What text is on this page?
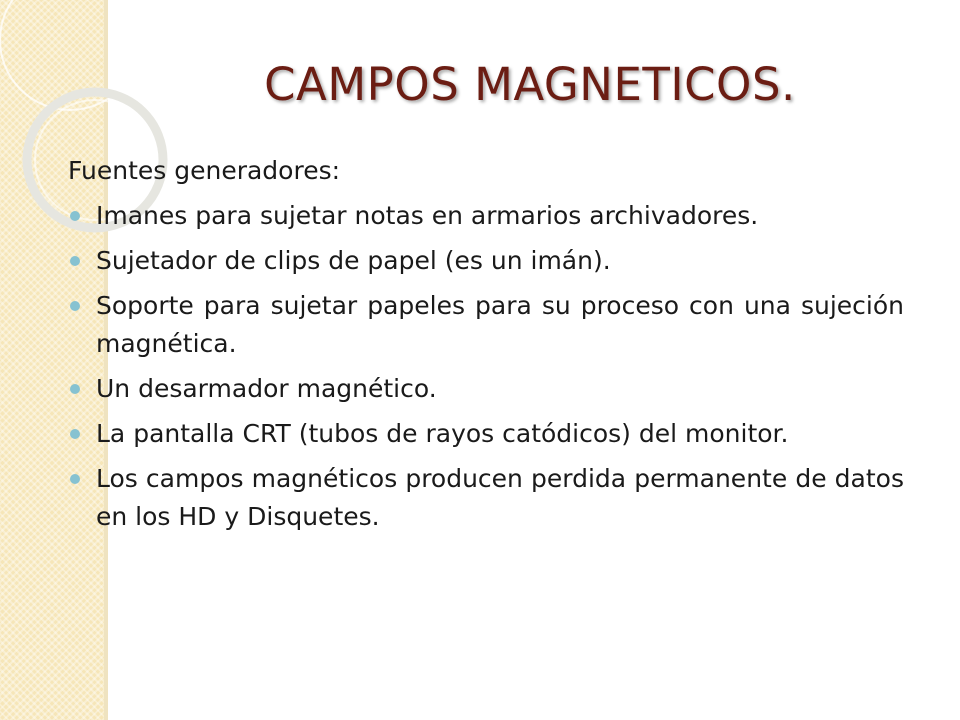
CAMPOS MAGNETICOS.

Fuentes generadores:

Imanes para sujetar notas en armarios archivadores.
Sujetador de clips de papel (es un imán).
Soporte para sujetar papeles para su proceso con una sujeción magnética.
Un desarmador magnético.
La pantalla CRT (tubos de rayos catódicos) del monitor.
Los campos magnéticos producen perdida permanente de datos en los HD y Disquetes.
